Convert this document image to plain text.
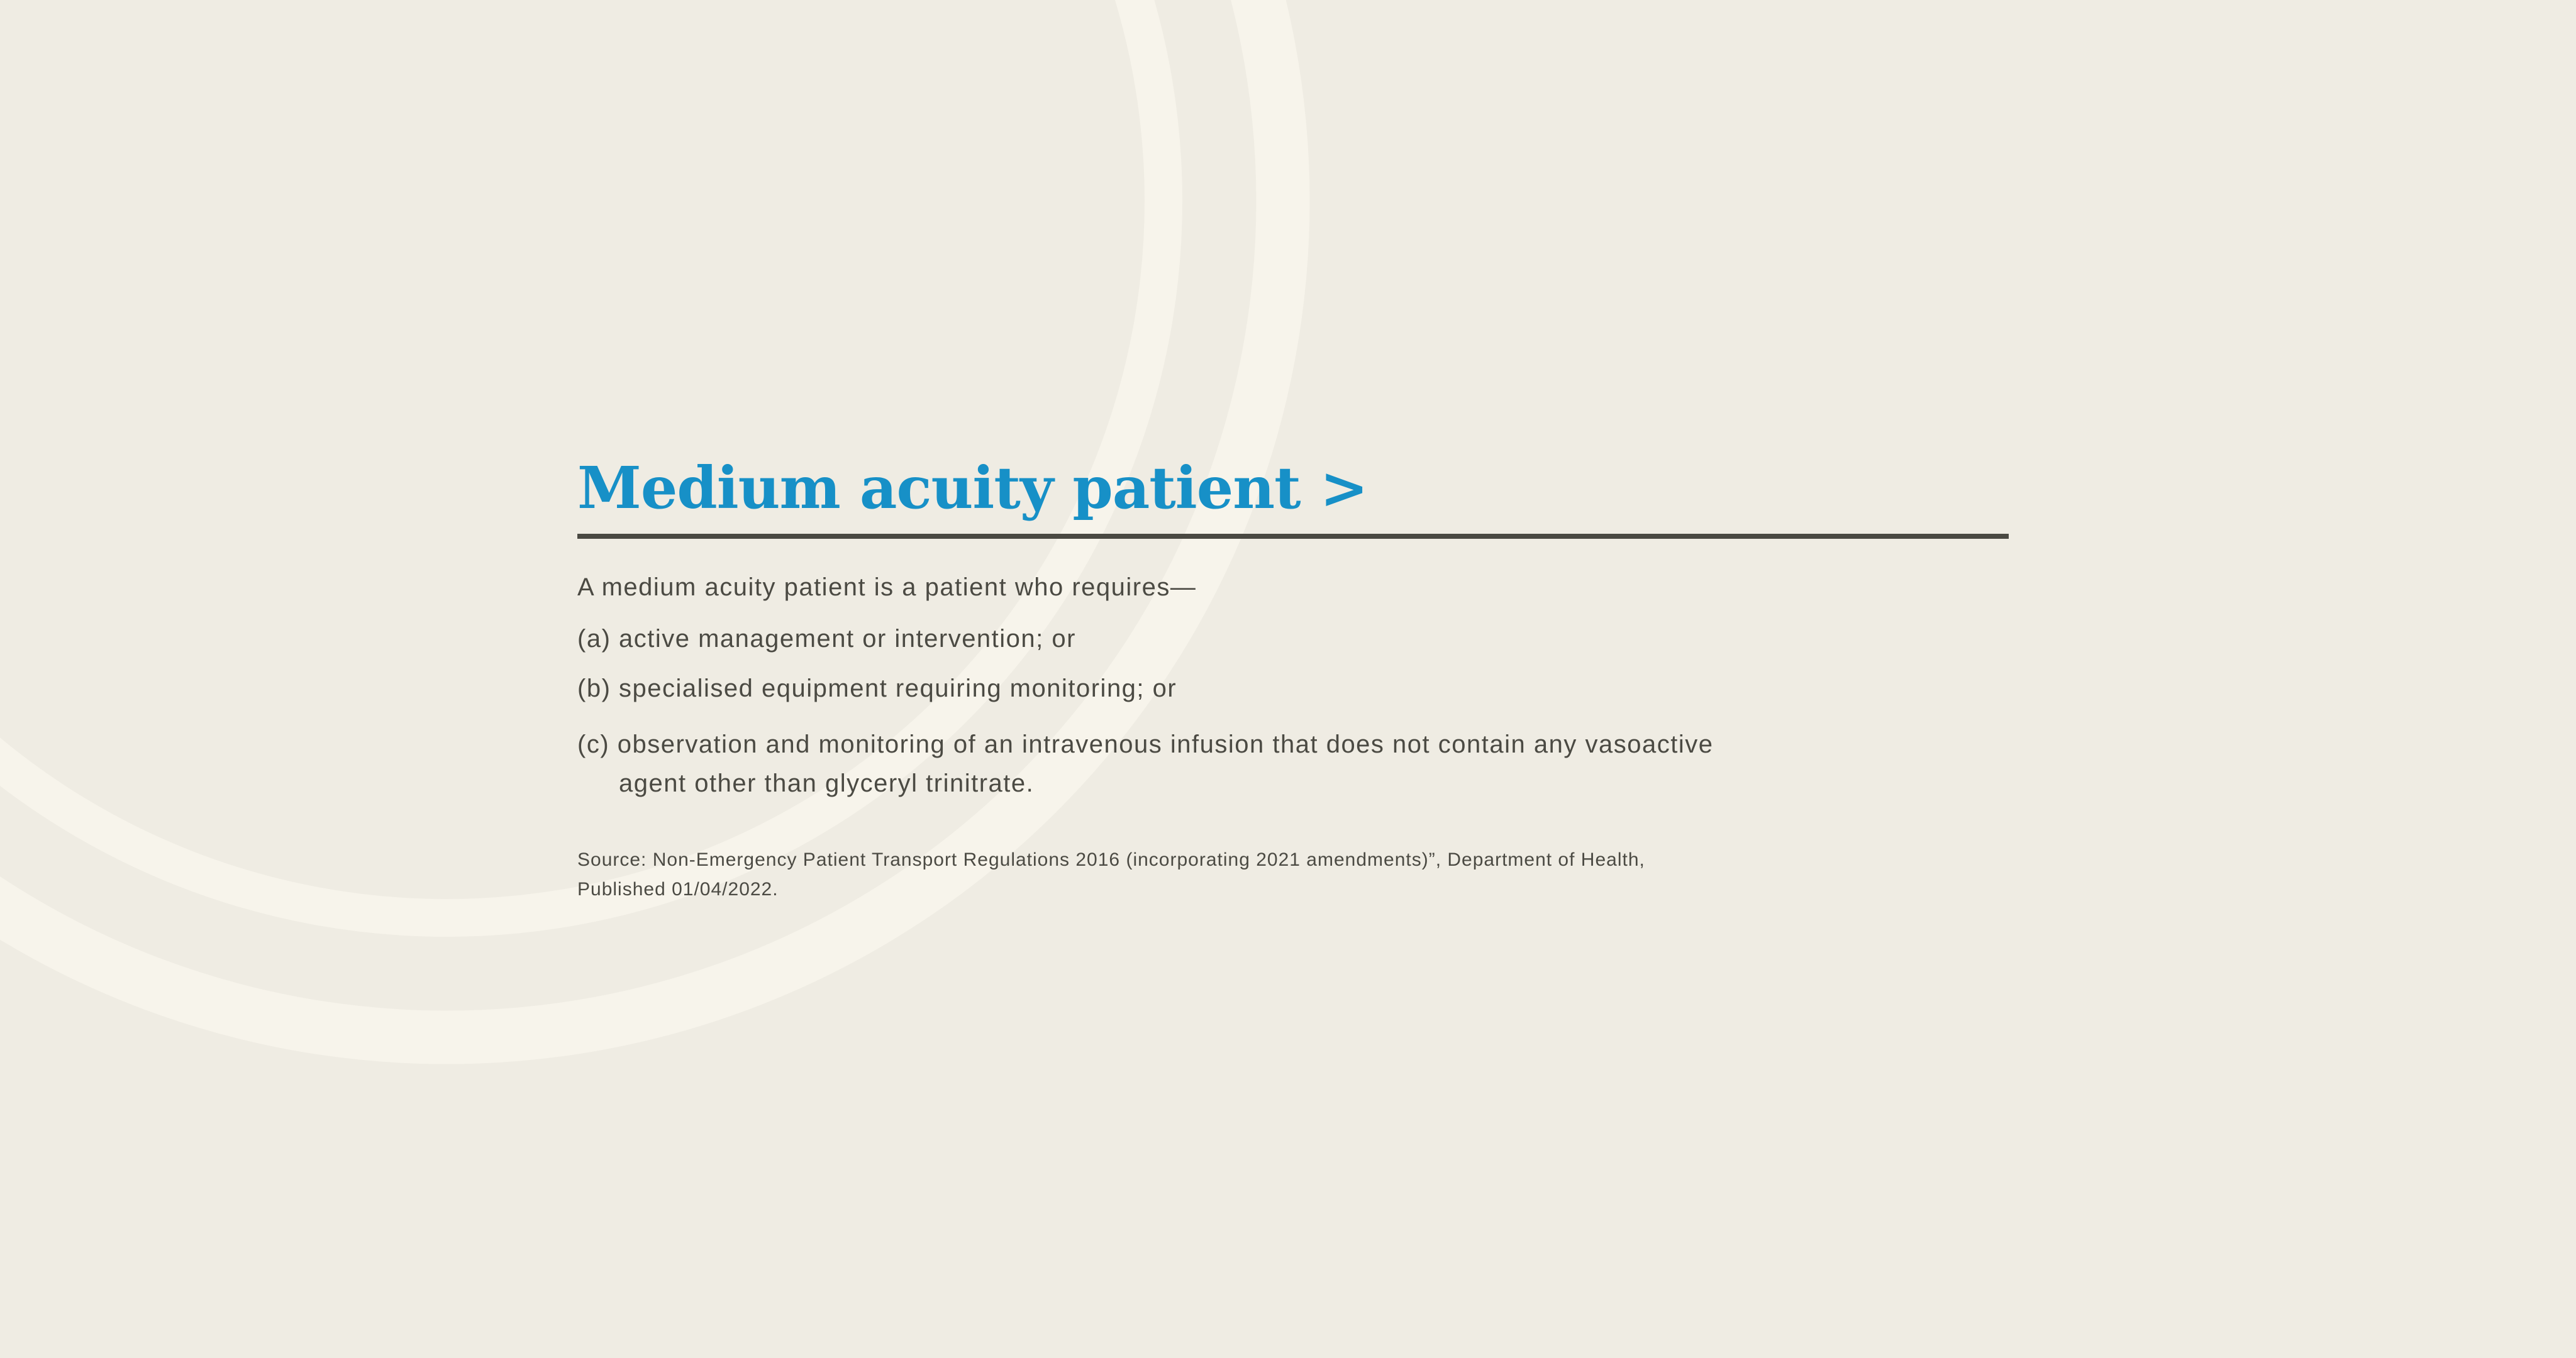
Medium acuity patient >
A medium acuity patient is a patient who requires—
(a) active management or intervention; or
(b) specialised equipment requiring monitoring; or
(c) observation and monitoring of an intravenous infusion that does not contain any vasoactive
agent other than glyceryl trinitrate.
Source: Non-Emergency Patient Transport Regulations 2016 (incorporating 2021 amendments)”, Department of Health,
Published 01/04/2022.
